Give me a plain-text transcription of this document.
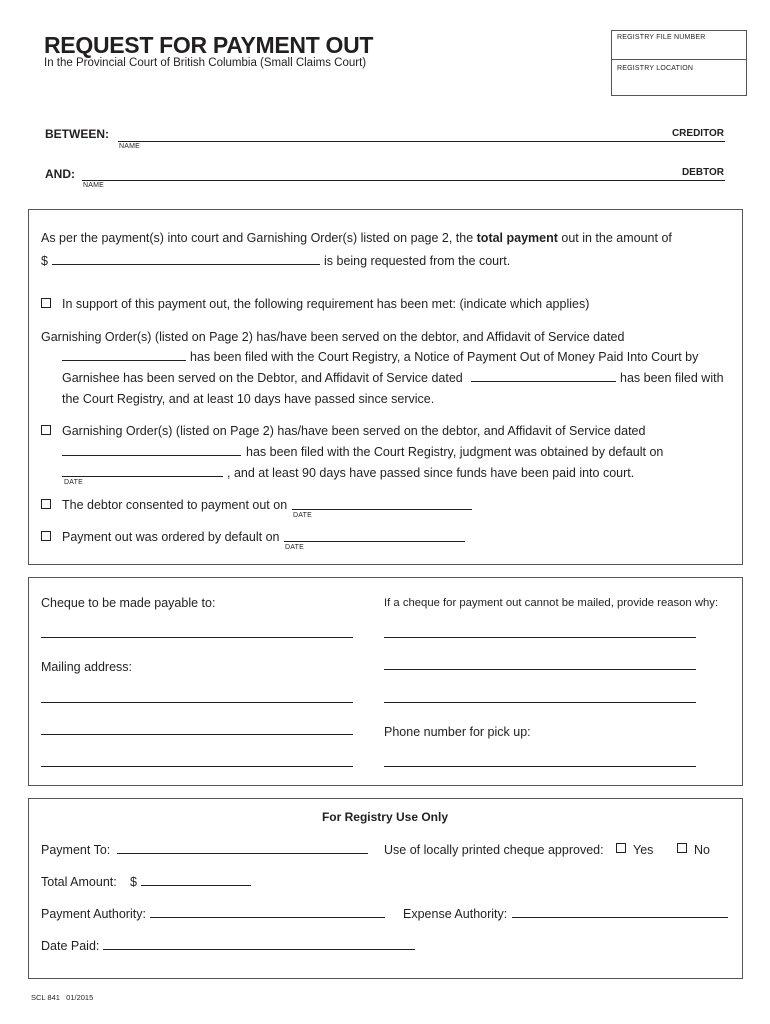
REQUEST FOR PAYMENT OUT
In the Provincial Court of British Columbia (Small Claims Court)
REGISTRY FILE NUMBER
REGISTRY LOCATION
BETWEEN:
NAME
CREDITOR
AND:
NAME
DEBTOR
As per the payment(s) into court and Garnishing Order(s) listed on page 2, the total payment out in the amount of
$	is being requested from the court.
In support of this payment out, the following requirement has been met: (indicate which applies)
Garnishing Order(s) (listed on Page 2) has/have been served on the debtor, and Affidavit of Service dated
has been filed with the Court Registry, a Notice of Payment Out of Money Paid Into Court by
Garnishee has been served on the Debtor, and Affidavit of Service dated	has been filed with
the Court Registry, and at least 10 days have passed since service.
Garnishing Order(s) (listed on Page 2) has/have been served on the debtor, and Affidavit of Service dated
has been filed with the Court Registry, judgment was obtained by default on
, and at least 90 days have passed since funds have been paid into court.
DATE
The debtor consented to payment out on
DATE
Payment out was ordered by default on
DATE
Cheque to be made payable to:	If a cheque for payment out cannot be mailed, provide reason why:
Mailing address:
Phone number for pick up:
For Registry Use Only
Payment To:	Use of locally printed cheque approved: Yes	No
Total Amount: $
Payment Authority:	Expense Authority:
Date Paid:
SCL 841   01/2015
